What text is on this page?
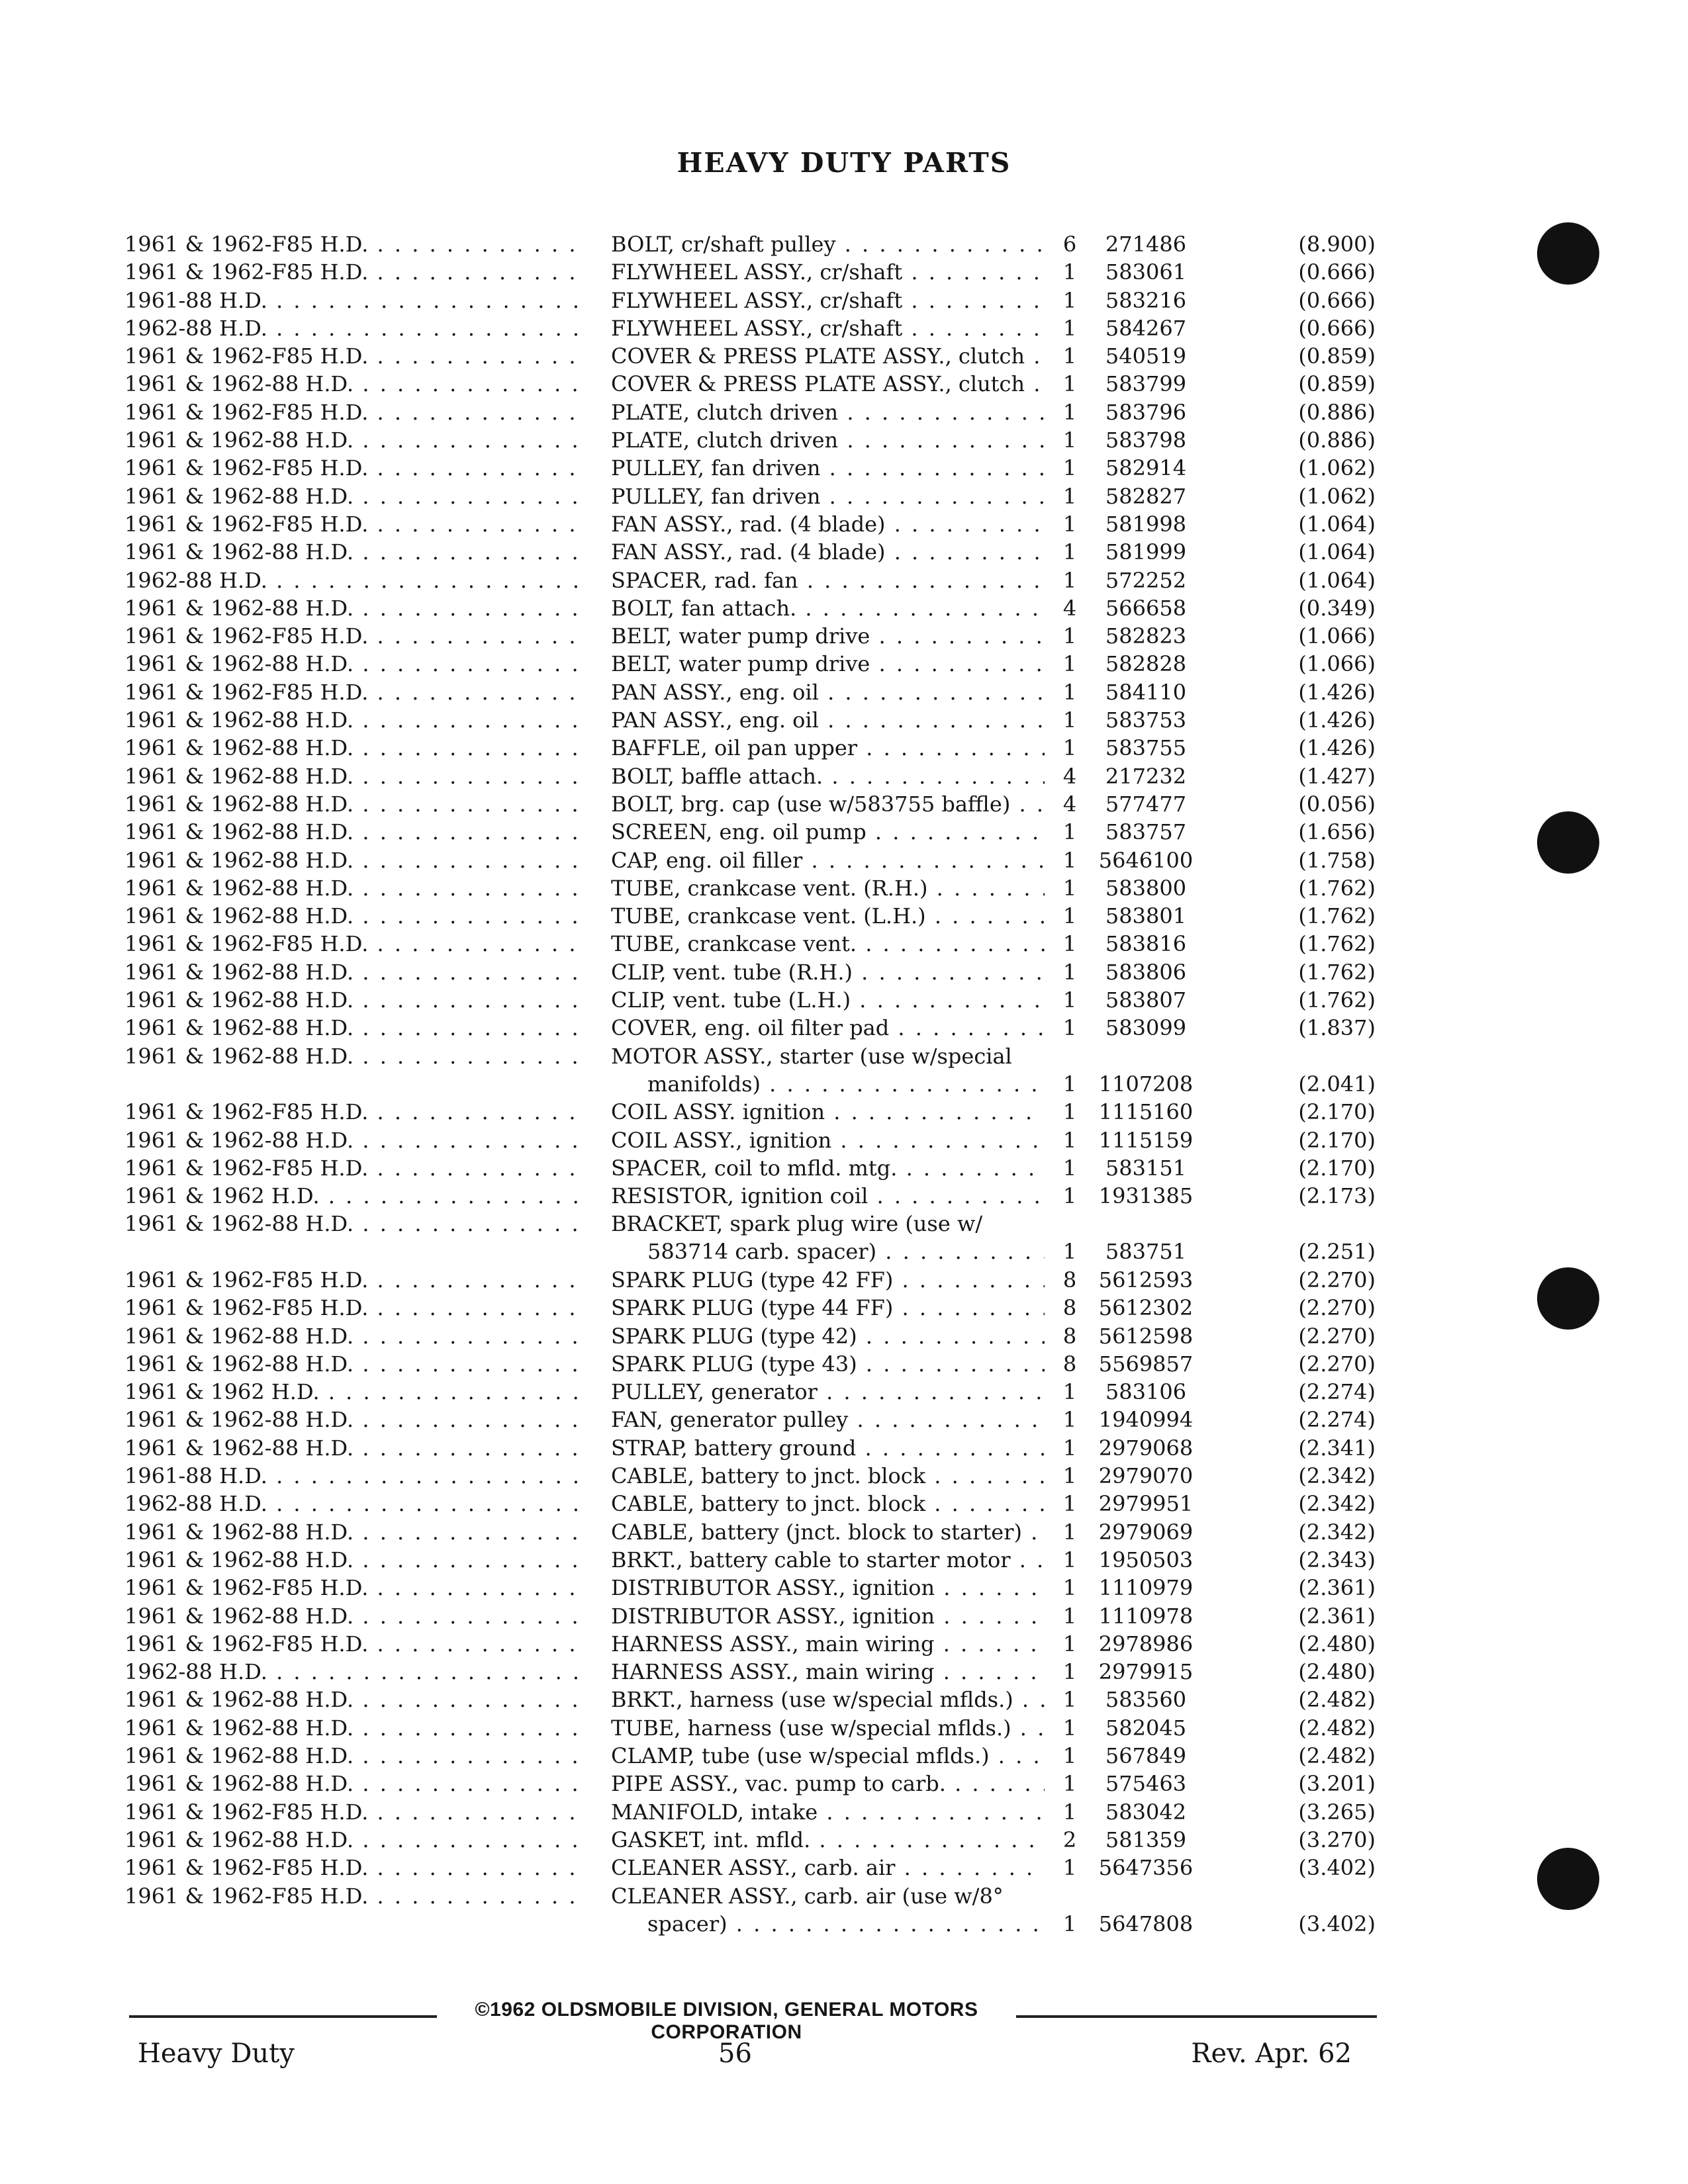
HEAVY DUTY PARTS
1961 & 1962-F85 H.D. . . .	BOLT, cr/shaft pulley . . .	6	271486	(8.900)
1961 & 1962-F85 H.D. . . .	FLYWHEEL ASSY., cr/shaft . . .	1	583061	(0.666)
1961-88 H.D. . . .	FLYWHEEL ASSY., cr/shaft . . .	1	583216	(0.666)
1962-88 H.D. . . .	FLYWHEEL ASSY., cr/shaft . . .	1	584267	(0.666)
1961 & 1962-F85 H.D. . . .	COVER & PRESS PLATE ASSY., clutch . . .	1	540519	(0.859)
1961 & 1962-88 H.D. . . .	COVER & PRESS PLATE ASSY., clutch . . .	1	583799	(0.859)
1961 & 1962-F85 H.D. . . .	PLATE, clutch driven . . .	1	583796	(0.886)
1961 & 1962-88 H.D. . . .	PLATE, clutch driven . . .	1	583798	(0.886)
1961 & 1962-F85 H.D. . . .	PULLEY, fan driven . . .	1	582914	(1.062)
1961 & 1962-88 H.D. . . .	PULLEY, fan driven . . .	1	582827	(1.062)
1961 & 1962-F85 H.D. . . .	FAN ASSY., rad. (4 blade) . . .	1	581998	(1.064)
1961 & 1962-88 H.D. . . .	FAN ASSY., rad. (4 blade) . . .	1	581999	(1.064)
1962-88 H.D. . . .	SPACER, rad. fan . . .	1	572252	(1.064)
1961 & 1962-88 H.D. . . .	BOLT, fan attach. . . .	4	566658	(0.349)
1961 & 1962-F85 H.D. . . .	BELT, water pump drive . . .	1	582823	(1.066)
1961 & 1962-88 H.D. . . .	BELT, water pump drive . . .	1	582828	(1.066)
1961 & 1962-F85 H.D. . . .	PAN ASSY., eng. oil . . .	1	584110	(1.426)
1961 & 1962-88 H.D. . . .	PAN ASSY., eng. oil . . .	1	583753	(1.426)
1961 & 1962-88 H.D. . . .	BAFFLE, oil pan upper . . .	1	583755	(1.426)
1961 & 1962-88 H.D. . . .	BOLT, baffle attach. . . .	4	217232	(1.427)
1961 & 1962-88 H.D. . . .	BOLT, brg. cap (use w/583755 baffle) . . .	4	577477	(0.056)
1961 & 1962-88 H.D. . . .	SCREEN, eng. oil pump . . .	1	583757	(1.656)
1961 & 1962-88 H.D. . . .	CAP, eng. oil filler . . .	1	5646100	(1.758)
1961 & 1962-88 H.D. . . .	TUBE, crankcase vent. (R.H.) . . .	1	583800	(1.762)
1961 & 1962-88 H.D. . . .	TUBE, crankcase vent. (L.H.) . . .	1	583801	(1.762)
1961 & 1962-F85 H.D. . . .	TUBE, crankcase vent. . . .	1	583816	(1.762)
1961 & 1962-88 H.D. . . .	CLIP, vent. tube (R.H.) . . .	1	583806	(1.762)
1961 & 1962-88 H.D. . . .	CLIP, vent. tube (L.H.) . . .	1	583807	(1.762)
1961 & 1962-88 H.D. . . .	COVER, eng. oil filter pad . . .	1	583099	(1.837)
1961 & 1962-88 H.D. . . .	MOTOR ASSY., starter (use w/special
manifolds) . . .	1	1107208	(2.041)
1961 & 1962-F85 H.D. . . .	COIL ASSY. ignition . . .	1	1115160	(2.170)
1961 & 1962-88 H.D. . . .	COIL ASSY., ignition . . .	1	1115159	(2.170)
1961 & 1962-F85 H.D. . . .	SPACER, coil to mfld. mtg. . . .	1	583151	(2.170)
1961 & 1962 H.D. . . .	RESISTOR, ignition coil . . .	1	1931385	(2.173)
1961 & 1962-88 H.D. . . .	BRACKET, spark plug wire (use w/
583714 carb. spacer) . . .	1	583751	(2.251)
1961 & 1962-F85 H.D. . . .	SPARK PLUG (type 42 FF) . . .	8	5612593	(2.270)
1961 & 1962-F85 H.D. . . .	SPARK PLUG (type 44 FF) . . .	8	5612302	(2.270)
1961 & 1962-88 H.D. . . .	SPARK PLUG (type 42) . . .	8	5612598	(2.270)
1961 & 1962-88 H.D. . . .	SPARK PLUG (type 43) . . .	8	5569857	(2.270)
1961 & 1962 H.D. . . .	PULLEY, generator . . .	1	583106	(2.274)
1961 & 1962-88 H.D. . . .	FAN, generator pulley . . .	1	1940994	(2.274)
1961 & 1962-88 H.D. . . .	STRAP, battery ground . . .	1	2979068	(2.341)
1961-88 H.D. . . .	CABLE, battery to jnct. block . . .	1	2979070	(2.342)
1962-88 H.D. . . .	CABLE, battery to jnct. block . . .	1	2979951	(2.342)
1961 & 1962-88 H.D. . . .	CABLE, battery (jnct. block to starter) . . .	1	2979069	(2.342)
1961 & 1962-88 H.D. . . .	BRKT., battery cable to starter motor . . .	1	1950503	(2.343)
1961 & 1962-F85 H.D. . . .	DISTRIBUTOR ASSY., ignition . . .	1	1110979	(2.361)
1961 & 1962-88 H.D. . . .	DISTRIBUTOR ASSY., ignition . . .	1	1110978	(2.361)
1961 & 1962-F85 H.D. . . .	HARNESS ASSY., main wiring . . .	1	2978986	(2.480)
1962-88 H.D. . . .	HARNESS ASSY., main wiring . . .	1	2979915	(2.480)
1961 & 1962-88 H.D. . . .	BRKT., harness (use w/special mflds.) . . .	1	583560	(2.482)
1961 & 1962-88 H.D. . . .	TUBE, harness (use w/special mflds.) . . .	1	582045	(2.482)
1961 & 1962-88 H.D. . . .	CLAMP, tube (use w/special mflds.) . . .	1	567849	(2.482)
1961 & 1962-88 H.D. . . .	PIPE ASSY., vac. pump to carb. . . .	1	575463	(3.201)
1961 & 1962-F85 H.D. . . .	MANIFOLD, intake . . .	1	583042	(3.265)
1961 & 1962-88 H.D. . . .	GASKET, int. mfld. . . .	2	581359	(3.270)
1961 & 1962-F85 H.D. . . .	CLEANER ASSY., carb. air . . .	1	5647356	(3.402)
1961 & 1962-F85 H.D. . . .	CLEANER ASSY., carb. air (use w/8°
spacer) . . .	1	5647808	(3.402)
©1962 OLDSMOBILE DIVISION, GENERAL MOTORS CORPORATION
Heavy Duty	56	Rev. Apr. 62
